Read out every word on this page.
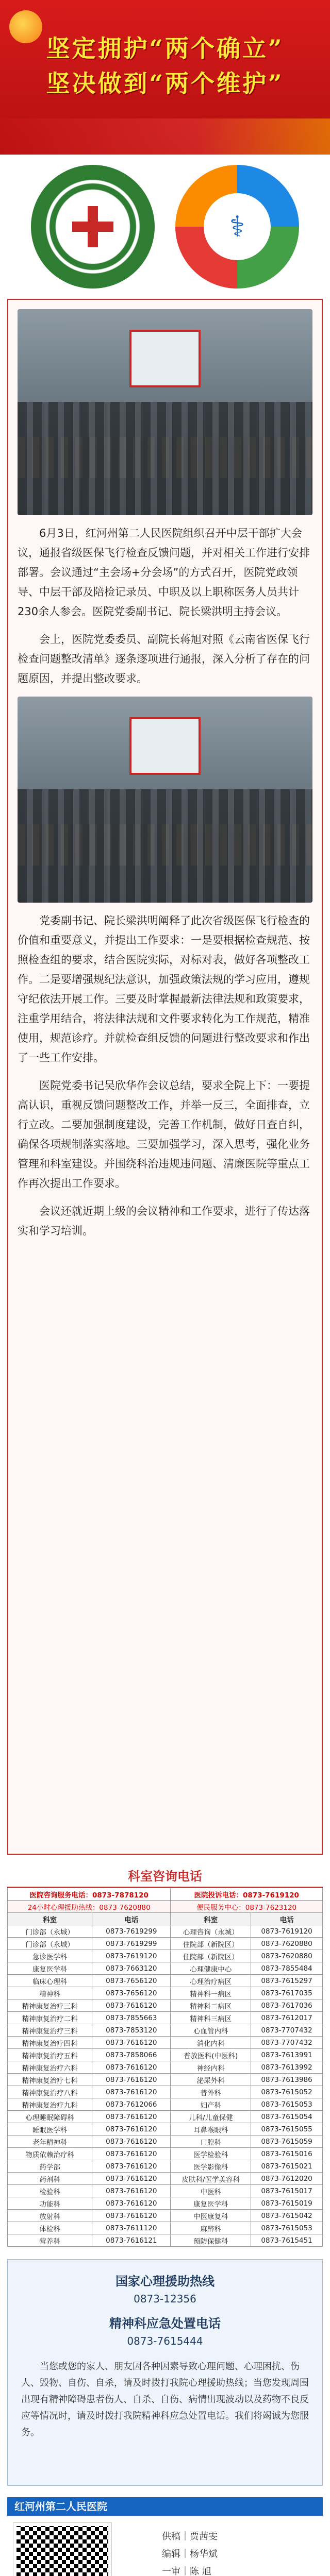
坚定拥护“两个确立”
坚决做到“两个维护”
⚕

6月3日，红河州第二人民医院组织召开中层干部扩大会议，通报省级医保飞行检查反馈问题，并对相关工作进行安排部署。会议通过“主会场+分会场”的方式召开，医院党政领导、中层干部及陪检记录员、中职及以上职称医务人员共计230余人参会。医院党委副书记、院长梁洪明主持会议。

会上，医院党委委员、副院长蒋旭对照《云南省医保飞行检查问题整改清单》逐条逐项进行通报，深入分析了存在的问题原因，并提出整改要求。

党委副书记、院长梁洪明阐释了此次省级医保飞行检查的价值和重要意义，并提出工作要求：一是要根据检查规范、按照检查组的要求，结合医院实际，对标对表，做好各项整改工作。二是要增强规纪法意识，加强政策法规的学习应用，遵规守纪依法开展工作。三要及时掌握最新法律法规和政策要求，注重学用结合，将法律法规和文件要求转化为工作规范，精准使用，规范诊疗。并就检查组反馈的问题进行整改要求和作出了一些工作安排。

医院党委书记吴欣华作会议总结，要求全院上下：一要提高认识，重视反馈问题整改工作，并举一反三，全面排查，立行立改。二要加强制度建设，完善工作机制，做好日查自纠，确保各项规制落实落地。三要加强学习，深入思考，强化业务管理和科室建设。并围绕科治违规违问题、清廉医院等重点工作再次提出工作要求。

会议还就近期上级的会议精神和工作要求，进行了传达落实和学习培训。

科室咨询电话
医院咨询服务电话：0873-7878120		医院投诉电话：0873-7619120	
24小时心理援助热线：0873-7620880		便民服务中心：0873-7623120	
科室	电话	科室	电话
门诊部（永城）	0873-7619299	心理咨询（永城）	0873-7619120
门诊部（永城）	0873-7619299	住院部（新院区）	0873-7620880
急诊医学科	0873-7619120	住院部（新院区）	0873-7620880
康复医学科	0873-7663120	心理健康中心	0873-7855484
临床心理科	0873-7656120	心理治疗病区	0873-7615297
精神科	0873-7656120	精神科一病区	0873-7617035
精神康复治疗三科	0873-7616120	精神科二病区	0873-7617036
精神康复治疗二科	0873-7855663	精神科三病区	0873-7612017
精神康复治疗三科	0873-7853120	心血管内科	0873-7707432
精神康复治疗四科	0873-7616120	消化内科	0873-7707432
精神康复治疗五科	0873-7858066	普放医科(中医科)	0873-7613991
精神康复治疗六科	0873-7616120	神经内科	0873-7613992
精神康复治疗七科	0873-7616120	泌尿外科	0873-7613986
精神康复治疗八科	0873-7616120	普外科	0873-7615052
精神康复治疗九科	0873-7612066	妇产科	0873-7615053
心理睡眠障碍科	0873-7616120	儿科/儿童保健	0873-7615054
睡眠医学科	0873-7616120	耳鼻喉眼科	0873-7615055
老年精神科	0873-7616120	口腔科	0873-7615059
物质依赖治疗科	0873-7616120	医学检验科	0873-7615016
药学部	0873-7616120	医学影像科	0873-7615021
药剂科	0873-7616120	皮肤科/医学美容科	0873-7612020
检验科	0873-7616120	中医科	0873-7615017
功能科	0873-7616120	康复医学科	0873-7615019
放射科	0873-7616120	中医康复科	0873-7615042
体检科	0873-7611120	麻醉科	0873-7615053
营养科	0873-7616121	预防保健科	0873-7615451
国家心理援助热线
0873-12356
精神科应急处置电话
0873-7615444

当您或您的家人、朋友因各种因素导致心理问题、心理困扰、伤人、毁物、自伤、自杀，请及时拨打我院心理援助热线；当您发现周围出现有精神障碍患者伤人、自杀、自伤、病情出现波动以及药物不良反应等情况时，请及时拨打我院精神科应急处置电话。我们将竭诚为您服务。

红河州第二人民医院
供稿｜贾茜雯
编辑｜杨华斌
一审｜陈 旭
